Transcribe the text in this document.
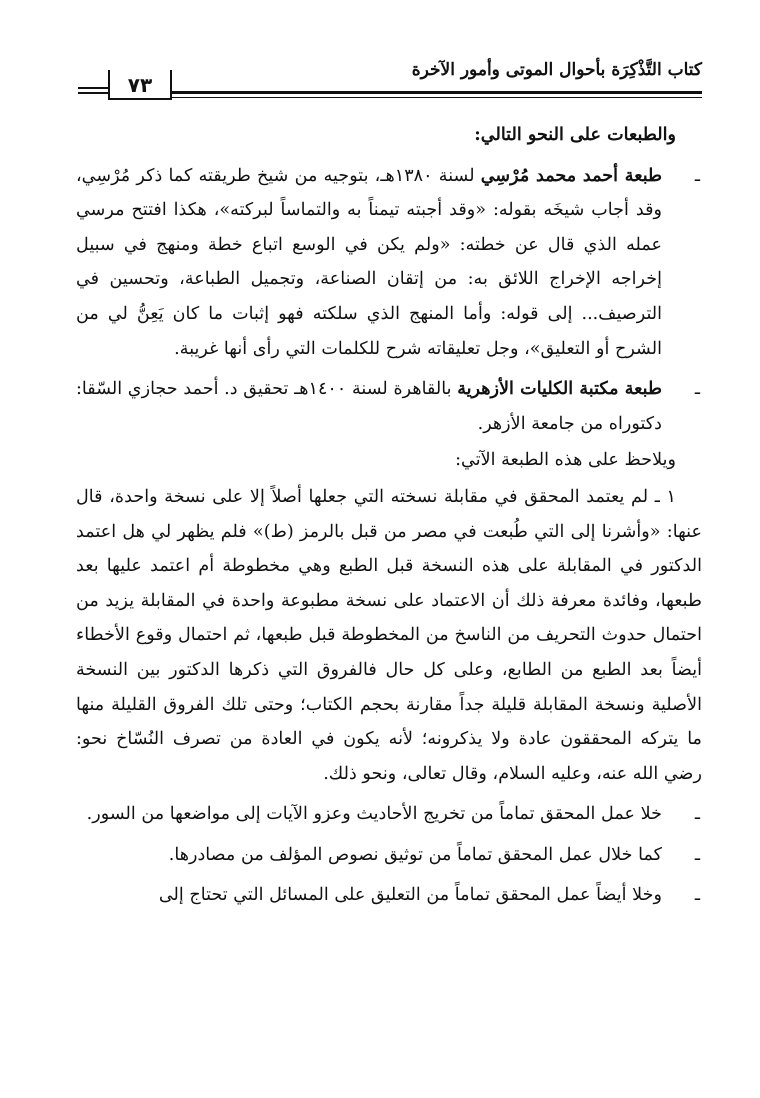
كتاب التَّذْكِرَة بأحوال الموتى وأمور الآخرة
٧٣

والطبعات على النحو التالي:

ـ
طبعة أحمد محمد مُرْسِي لسنة ١٣٨٠هـ، بتوجيه من شيخ طريقته كما ذكر مُرْسِي، وقد أجاب شيخَه بقوله: «وقد أجبته تيمناً به والتماساً لبركته»، هكذا افتتح مرسي عمله الذي قال عن خطته: «ولم يكن في الوسع اتباع خطة ومنهج في سبيل إخراجه الإخراج اللائق به: من إتقان الصناعة، وتجميل الطباعة، وتحسين في الترصيف... إلى قوله: وأما المنهج الذي سلكته فهو إثبات ما كان يَعِنُّ لي من الشرح أو التعليق»، وجل تعليقاته شرح للكلمات التي رأى أنها غريبة.

ـ
طبعة مكتبة الكليات الأزهرية بالقاهرة لسنة ١٤٠٠هـ تحقيق د. أحمد حجازي السّقا: دكتوراه من جامعة الأزهر.

ويلاحظ على هذه الطبعة الآتي:

١ ـ لم يعتمد المحقق في مقابلة نسخته التي جعلها أصلاً إلا على نسخة واحدة، قال عنها: «وأشرنا إلى التي طُبعت في مصر من قبل بالرمز (ط)» فلم يظهر لي هل اعتمد الدكتور في المقابلة على هذه النسخة قبل الطبع وهي مخطوطة أم اعتمد عليها بعد طبعها، وفائدة معرفة ذلك أن الاعتماد على نسخة مطبوعة واحدة في المقابلة يزيد من احتمال حدوث التحريف من الناسخ من المخطوطة قبل طبعها، ثم احتمال وقوع الأخطاء أيضاً بعد الطبع من الطابع، وعلى كل حال فالفروق التي ذكرها الدكتور بين النسخة الأصلية ونسخة المقابلة قليلة جداً مقارنة بحجم الكتاب؛ وحتى تلك الفروق القليلة منها ما يتركه المحققون عادة ولا يذكرونه؛ لأنه يكون في العادة من تصرف النُسّاخ نحو: رضي الله عنه، وعليه السلام، وقال تعالى، ونحو ذلك.

ـ
خلا عمل المحقق تماماً من تخريج الأحاديث وعزو الآيات إلى مواضعها من السور.

ـ
كما خلال عمل المحقق تماماً من توثيق نصوص المؤلف من مصادرها.

ـ
وخلا أيضاً عمل المحقق تماماً من التعليق على المسائل التي تحتاج إلى
